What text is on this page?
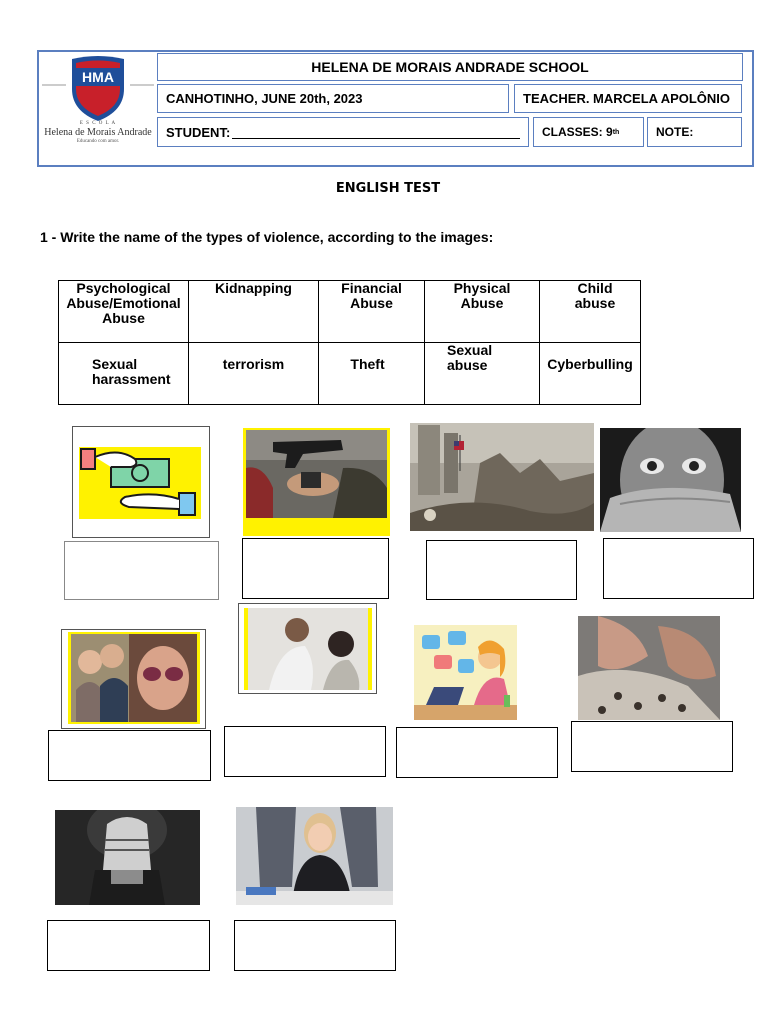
HMA
E S C O L A
Helena de Morais Andrade
Educando com amor.
HELENA DE MORAIS ANDRADE SCHOOL
CANHOTINHO, JUNE 20th, 2023	TEACHER. MARCELA APOLÔNIO
STUDENT:	CLASSES: 9 th	NOTE:
ENGLISH TEST
1 - Write the name of the types of violence, according to the images:
Psychological Abuse/Emotional Abuse	Kidnapping	Financial Abuse	Physical Abuse	Child abuse
Sexual harassment	terrorism	Theft	Sexual abuse	Cyberbulling
